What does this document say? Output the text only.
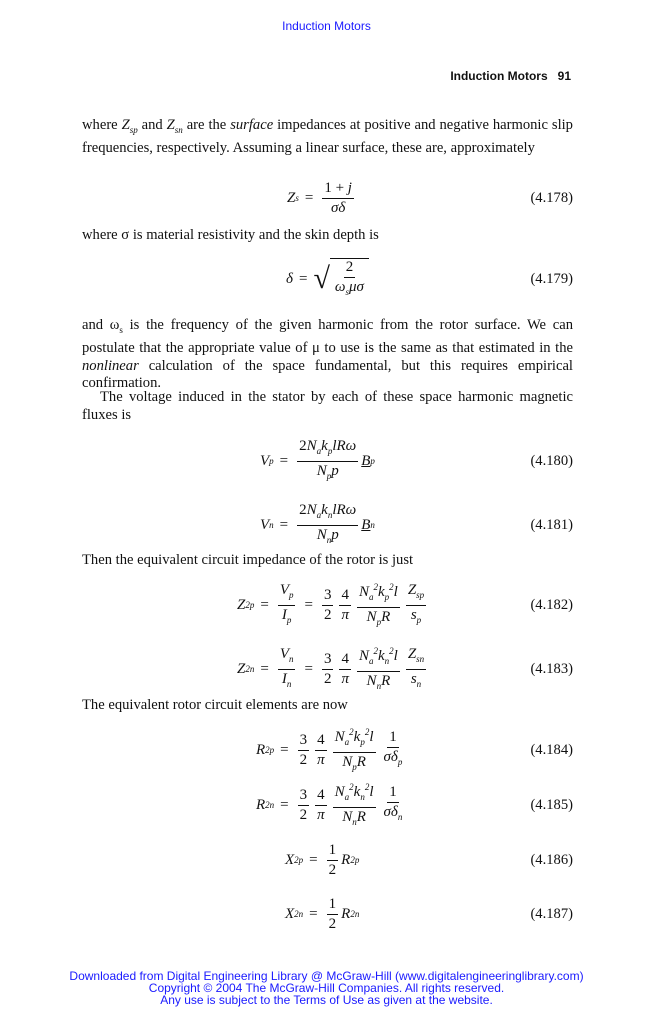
Induction Motors
Induction Motors 91
where $Z_{sp}$ and $Z_{sn}$ are the surface impedances at positive and negative harmonic slip frequencies, respectively. Assuming a linear surface, these are, approximately
Z $s = \frac{1 + j}{\sigma\delta}$	(4.178)
where σ is material resistivity and the skin depth is
δ = √ $\frac{2}{\omega_s\mu\sigma}$	(4.179)
and $\omega_s$ is the frequency of the given harmonic from the rotor surface. We can postulate that the appropriate value of μ to use is the same as that estimated in the nonlinear calculation of the space fundamental, but this requires empirical confirmation.
The voltage induced in the stator by each of these space harmonic magnetic fluxes is
V $p = \frac{2N_ak_plR\omega}{N_pp}$ B p	(4.180)
V $n = \frac{2N_ak_nlR\omega}{N_np}$ B n	(4.181)
Then the equivalent circuit impedance of the rotor is just
Z $2p = \frac{V_p}{I_p} = \frac{3}{2} \frac{4}{\pi} \frac{N_a^2k_p^2l}{N_pR} \frac{Z_{sp}}{s_p}$	(4.182)
Z $2n = \frac{V_n}{I_n} = \frac{3}{2} \frac{4}{\pi} \frac{N_a^2k_n^2l}{N_nR} \frac{Z_{sn}}{s_n}$	(4.183)
The equivalent rotor circuit elements are now
R $2p = \frac{3}{2} \frac{4}{\pi} \frac{N_a^2k_p^2l}{N_pR} \frac{1}{\sigma\delta_p}$	(4.184)
R $2n = \frac{3}{2} \frac{4}{\pi} \frac{N_a^2k_n^2l}{N_nR} \frac{1}{\sigma\delta_n}$	(4.185)
X $2p = \frac{1}{2}$ R 2p	(4.186)
X $2n = \frac{1}{2}$ R 2n	(4.187)
Downloaded from Digital Engineering Library @ McGraw-Hill (www.digitalengineeringlibrary.com)
Copyright © 2004 The McGraw-Hill Companies. All rights reserved.
Any use is subject to the Terms of Use as given at the website.
